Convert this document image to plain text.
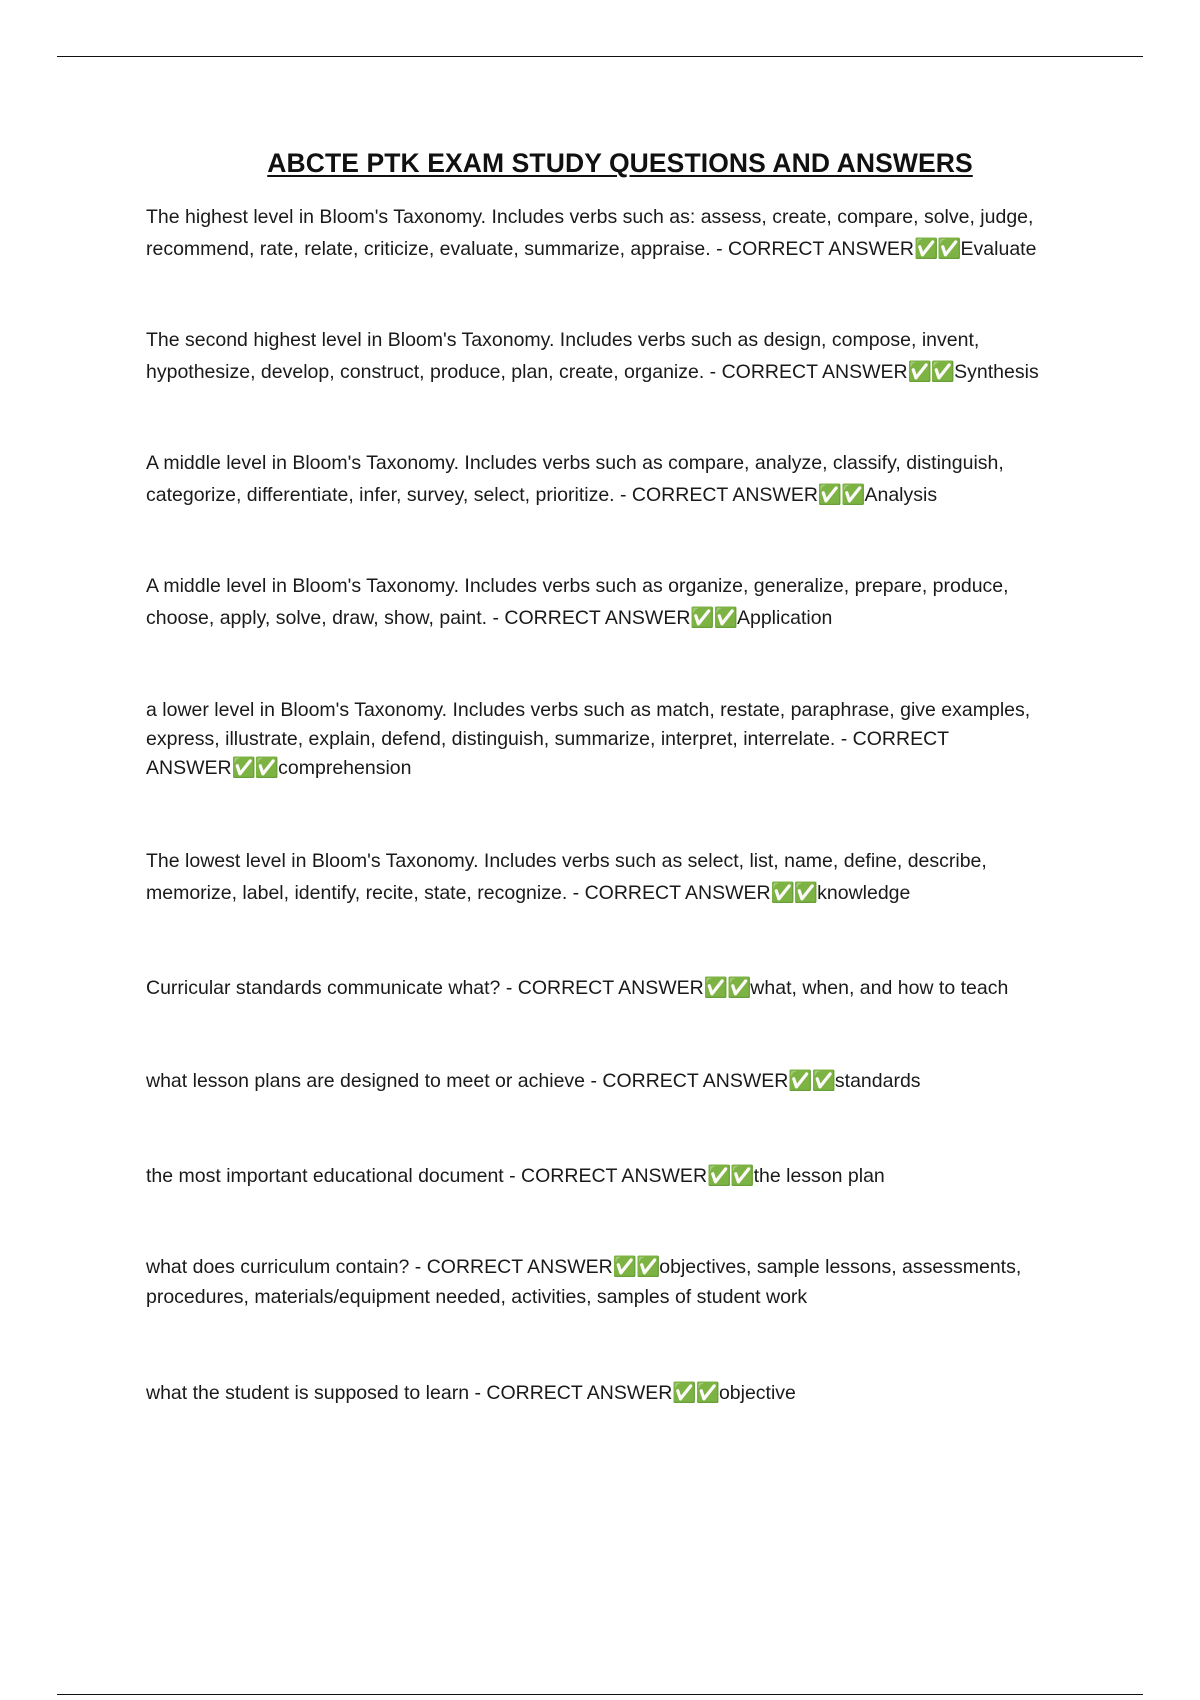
ABCTE PTK EXAM STUDY QUESTIONS AND ANSWERS
The highest level in Bloom's Taxonomy. Includes verbs such as: assess, create, compare, solve, judge, recommend, rate, relate, criticize, evaluate, summarize, appraise. - CORRECT ANSWER✅✅Evaluate
The second highest level in Bloom's Taxonomy. Includes verbs such as design, compose, invent, hypothesize, develop, construct, produce, plan, create, organize. - CORRECT ANSWER✅✅Synthesis
A middle level in Bloom's Taxonomy. Includes verbs such as compare, analyze, classify, distinguish, categorize, differentiate, infer, survey, select, prioritize. - CORRECT ANSWER✅✅Analysis
A middle level in Bloom's Taxonomy. Includes verbs such as organize, generalize, prepare, produce, choose, apply, solve, draw, show, paint. - CORRECT ANSWER✅✅Application
a lower level in Bloom's Taxonomy. Includes verbs such as match, restate, paraphrase, give examples, express, illustrate, explain, defend, distinguish, summarize, interpret, interrelate. - CORRECT ANSWER✅✅comprehension
The lowest level in Bloom's Taxonomy. Includes verbs such as select, list, name, define, describe, memorize, label, identify, recite, state, recognize. - CORRECT ANSWER✅✅knowledge
Curricular standards communicate what? - CORRECT ANSWER✅✅what, when, and how to teach
what lesson plans are designed to meet or achieve - CORRECT ANSWER✅✅standards
the most important educational document - CORRECT ANSWER✅✅the lesson plan
what does curriculum contain? - CORRECT ANSWER✅✅objectives, sample lessons, assessments, procedures, materials/equipment needed, activities, samples of student work
what the student is supposed to learn - CORRECT ANSWER✅✅objective
